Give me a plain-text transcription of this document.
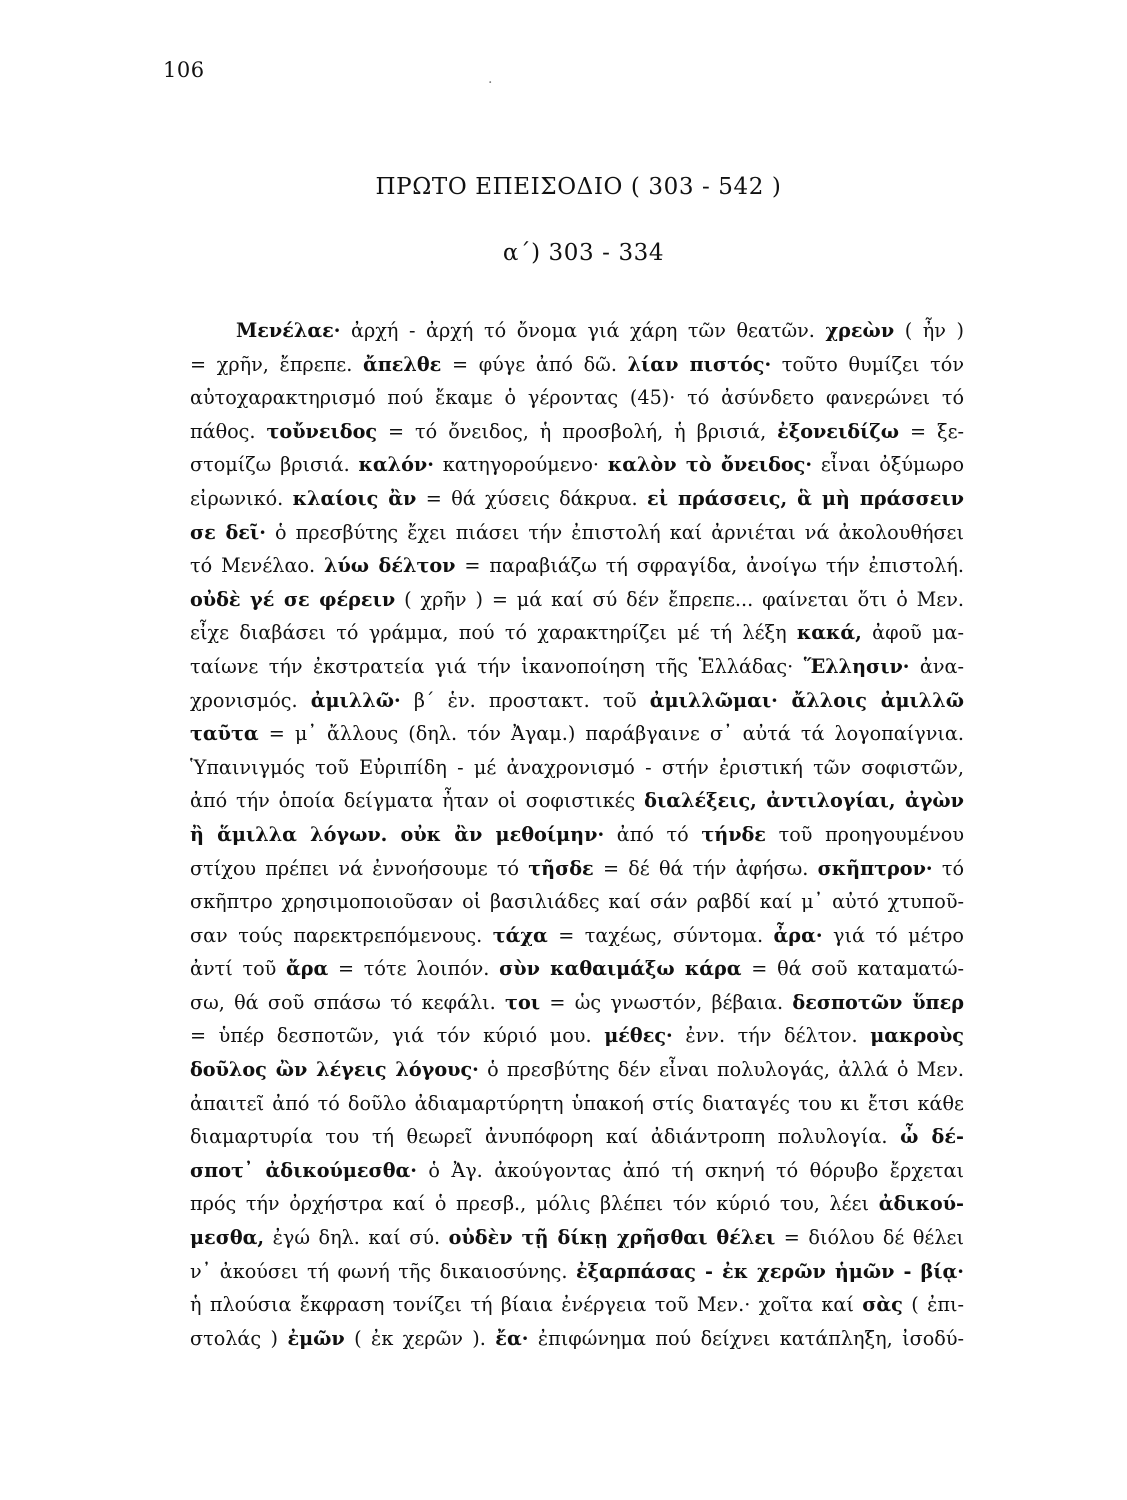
106
·
ΠΡΩΤΟ ΕΠΕΙΣΟΔΙΟ ( 303 - 542 )
α΄) 303 - 334
Μενέλαε· ἀρχή - ἀρχή τό ὄνομα γιά χάρη τῶν θεατῶν. χρεὼν ( ἦν )
= χρῆν, ἔπρεπε. ἄπελθε = φύγε ἀπό δῶ. λίαν πιστός· τοῦτο θυμίζει τόν
αὐτοχαρακτηρισμό πού ἔκαμε ὁ γέροντας (45)· τό ἀσύνδετο φανερώνει τό
πάθος. τοὔνειδος = τό ὄνειδος, ἡ προσβολή, ἡ βρισιά, ἐξονειδίζω = ξε-
στομίζω βρισιά. καλόν· κατηγορούμενο· καλὸν τὸ ὄνειδος· εἶναι ὀξύμωρο
εἰρωνικό. κλαίοις ἂν = θά χύσεις δάκρυα. εἰ πράσσεις, ἃ μὴ πράσσειν
σε δεῖ· ὁ πρεσβύτης ἔχει πιάσει τήν ἐπιστολή καί ἀρνιέται νά ἀκολουθήσει
τό Μενέλαο. λύω δέλτον = παραβιάζω τή σφραγίδα, ἀνοίγω τήν ἐπιστολή.
οὐδὲ γέ σε φέρειν ( χρῆν ) = μά καί σύ δέν ἔπρεπε... φαίνεται ὅτι ὁ Μεν.
εἶχε διαβάσει τό γράμμα, πού τό χαρακτηρίζει μέ τή λέξη κακά, ἀφοῦ μα-
ταίωνε τήν ἐκστρατεία γιά τήν ἱκανοποίηση τῆς Ἑλλάδας· Ἕλλησιν· ἀνα-
χρονισμός. ἀμιλλῶ· β΄ ἑν. προστακτ. τοῦ ἀμιλλῶμαι· ἄλλοις ἀμιλλῶ
ταῦτα = μ᾿ ἄλλους (δηλ. τόν Ἀγαμ.) παράβγαινε σ᾿ αὐτά τά λογοπαίγνια.
Ὑπαινιγμός τοῦ Εὐριπίδη - μέ ἀναχρονισμό - στήν ἐριστική τῶν σοφιστῶν,
ἀπό τήν ὁποία δείγματα ἦταν οἱ σοφιστικές διαλέξεις, ἀντιλογίαι, ἀγὼν
ἢ ἅμιλλα λόγων. οὐκ ἂν μεθοίμην· ἀπό τό τήνδε τοῦ προηγουμένου
στίχου πρέπει νά ἐννοήσουμε τό τῆσδε = δέ θά τήν ἀφήσω. σκῆπτρον· τό
σκῆπτρο χρησιμοποιοῦσαν οἱ βασιλιάδες καί σάν ραβδί καί μ᾿ αὐτό χτυποῦ-
σαν τούς παρεκτρεπόμενους. τάχα = ταχέως, σύντομα. ἆρα· γιά τό μέτρο
ἀντί τοῦ ἄρα = τότε λοιπόν. σὺν καθαιμάξω κάρα = θά σοῦ καταματώ-
σω, θά σοῦ σπάσω τό κεφάλι. τοι = ὡς γνωστόν, βέβαια. δεσποτῶν ὕπερ
= ὑπέρ δεσποτῶν, γιά τόν κύριό μου. μέθες· ἐνν. τήν δέλτον. μακροὺς
δοῦλος ὢν λέγεις λόγους· ὁ πρεσβύτης δέν εἶναι πολυλογάς, ἀλλά ὁ Μεν.
ἀπαιτεῖ ἀπό τό δοῦλο ἀδιαμαρτύρητη ὑπακοή στίς διαταγές του κι ἔτσι κάθε
διαμαρτυρία του τή θεωρεῖ ἀνυπόφορη καί ἀδιάντροπη πολυλογία. ὦ δέ-
σποτ᾿ ἀδικούμεσθα· ὁ Ἀγ. ἀκούγοντας ἀπό τή σκηνή τό θόρυβο ἔρχεται
πρός τήν ὀρχήστρα καί ὁ πρεσβ., μόλις βλέπει τόν κύριό του, λέει ἀδικού-
μεσθα, ἐγώ δηλ. καί σύ. οὐδὲν τῇ δίκῃ χρῆσθαι θέλει = διόλου δέ θέλει
ν᾿ ἀκούσει τή φωνή τῆς δικαιοσύνης. ἐξαρπάσας - ἐκ χερῶν ἡμῶν - βίᾳ·
ἡ πλούσια ἔκφραση τονίζει τή βίαια ἐνέργεια τοῦ Μεν.· χοῖτα καί σὰς ( ἐπι-
στολάς ) ἐμῶν ( ἐκ χερῶν ). ἔα· ἐπιφώνημα πού δείχνει κατάπληξη, ἰσοδύ-
